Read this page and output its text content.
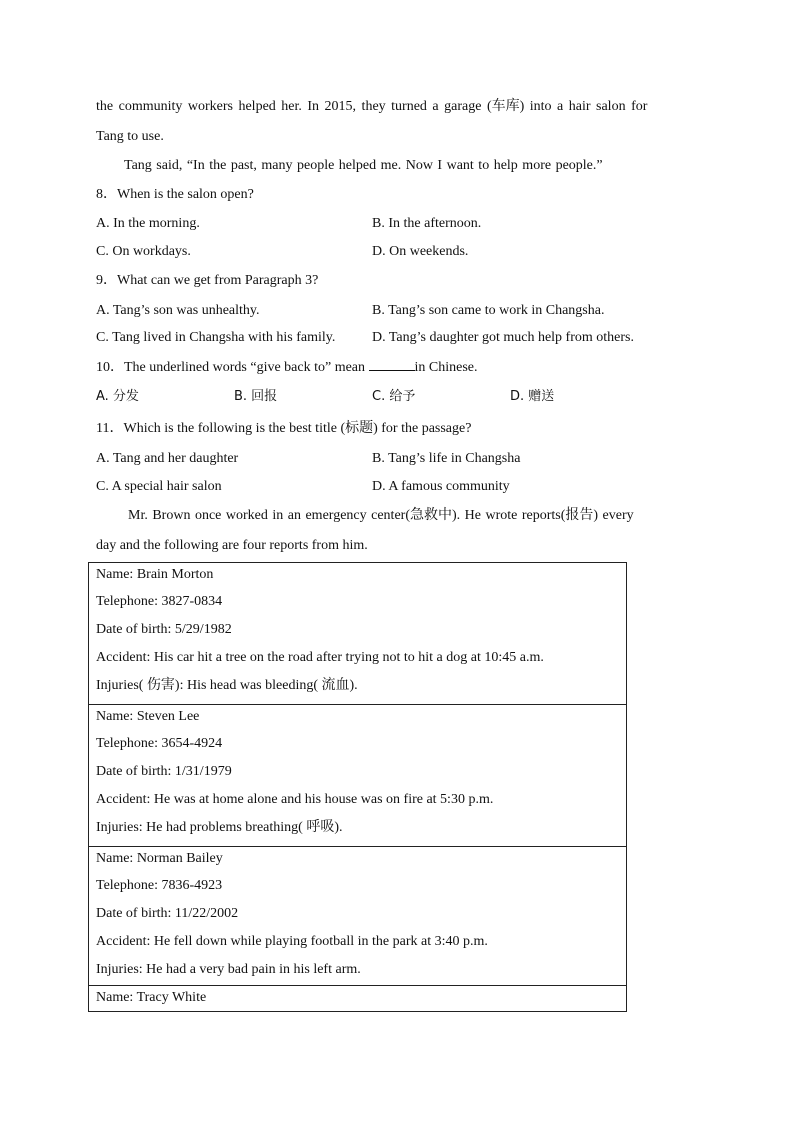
the community workers helped her. In 2015, they turned a garage (车库) into a hair salon for
Tang to use.
Tang said, “In the past, many people helped me. Now I want to help more people.”
8．When is the salon open?
A. In the morning.	B. In the afternoon.
C. On workdays.	D. On weekends.
9．What can we get from Paragraph 3?
A. Tang’s son was unhealthy.	B. Tang’s son came to work in Changsha.
C. Tang lived in Changsha with his family.	D. Tang’s daughter got much help from others.
10．The underlined words “give back to” mean	in Chinese.
A. 分发	B. 回报	C. 给予	D. 赠送
11．Which is the following is the best title (标题) for the passage?
A. Tang and her daughter	B. Tang’s life in Changsha
C. A special hair salon	D. A famous community
Mr. Brown once worked in an emergency center(急救中). He wrote reports(报告) every
day and the following are four reports from him.
Name: Brain Morton
Telephone: 3827-0834
Date of birth: 5/29/1982
Accident: His car hit a tree on the road after trying not to hit a dog at 10:45 a.m.
Injuries( 伤害): His head was bleeding( 流血).
Name: Steven Lee
Telephone: 3654-4924
Date of birth: 1/31/1979
Accident: He was at home alone and his house was on fire at 5:30 p.m.
Injuries: He had problems breathing( 呼吸).
Name: Norman Bailey
Telephone: 7836-4923
Date of birth: 11/22/2002
Accident: He fell down while playing football in the park at 3:40 p.m.
Injuries: He had a very bad pain in his left arm.
Name: Tracy White
